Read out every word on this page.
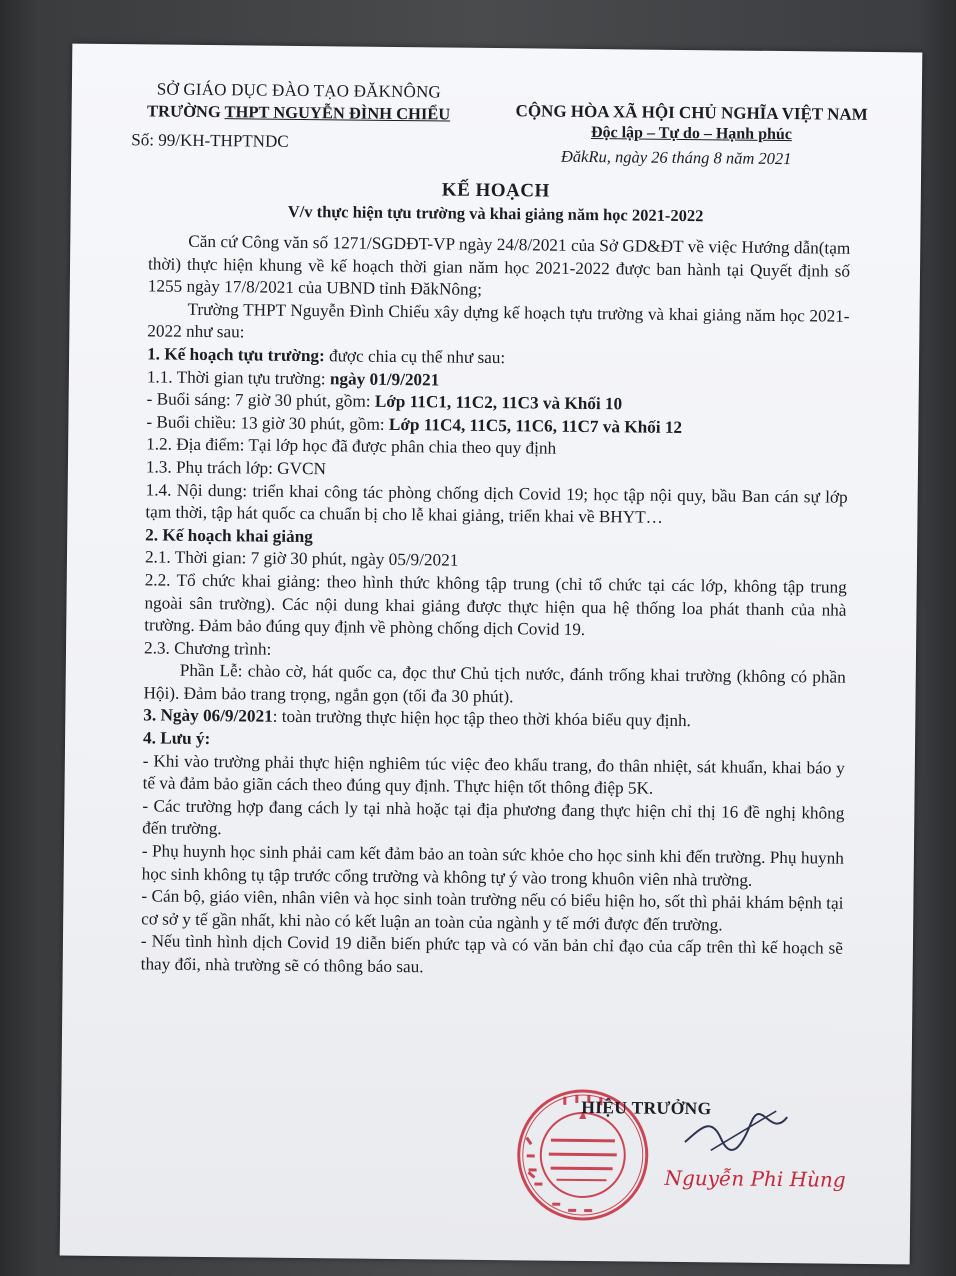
SỞ GIÁO DỤC ĐÀO TẠO ĐĂKNÔNG
TRƯỜNG THPT NGUYỄN ĐÌNH CHIỂU
Số: 99/KH-THPTNDC
CỘNG HÒA XÃ HỘI CHỦ NGHĨA VIỆT NAM
Độc lập – Tự do – Hạnh phúc
ĐăkRu, ngày 26 tháng 8 năm 2021
KẾ HOẠCH
V/v thực hiện tựu trường và khai giảng năm học 2021-2022

Căn cứ Công văn số 1271/SGDĐT-VP ngày 24/8/2021 của Sở GD&ĐT về việc Hướng dẫn(tạm thời) thực hiện khung về kế hoạch thời gian năm học 2021-2022 được ban hành tại Quyết định số 1255 ngày 17/8/2021 của UBND tỉnh ĐăkNông;

Trường THPT Nguyễn Đình Chiểu xây dựng kế hoạch tựu trường và khai giảng năm học 2021-2022 như sau:

1. Kế hoạch tựu trường: được chia cụ thể như sau:

1.1. Thời gian tựu trường: ngày 01/9/2021

- Buổi sáng: 7 giờ 30 phút, gồm: Lớp 11C1, 11C2, 11C3 và Khối 10

- Buổi chiều: 13 giờ 30 phút, gồm: Lớp 11C4, 11C5, 11C6, 11C7 và Khối 12

1.2. Địa điểm: Tại lớp học đã được phân chia theo quy định

1.3. Phụ trách lớp: GVCN

1.4. Nội dung: triển khai công tác phòng chống dịch Covid 19; học tập nội quy, bầu Ban cán sự lớp tạm thời, tập hát quốc ca chuẩn bị cho lễ khai giảng, triển khai về BHYT…

2. Kế hoạch khai giảng

2.1. Thời gian: 7 giờ 30 phút, ngày 05/9/2021

2.2. Tổ chức khai giảng: theo hình thức không tập trung (chỉ tổ chức tại các lớp, không tập trung ngoài sân trường). Các nội dung khai giảng được thực hiện qua hệ thống loa phát thanh của nhà trường. Đảm bảo đúng quy định về phòng chống dịch Covid 19.

2.3. Chương trình:

Phần Lễ: chào cờ, hát quốc ca, đọc thư Chủ tịch nước, đánh trống khai trường (không có phần Hội). Đảm bảo trang trọng, ngắn gọn (tối đa 30 phút).

3. Ngày 06/9/2021: toàn trường thực hiện học tập theo thời khóa biểu quy định.

4. Lưu ý:

- Khi vào trường phải thực hiện nghiêm túc việc đeo khẩu trang, đo thân nhiệt, sát khuẩn, khai báo y tế và đảm bảo giãn cách theo đúng quy định. Thực hiện tốt thông điệp 5K.

- Các trường hợp đang cách ly tại nhà hoặc tại địa phương đang thực hiện chỉ thị 16 đề nghị không đến trường.

- Phụ huynh học sinh phải cam kết đảm bảo an toàn sức khỏe cho học sinh khi đến trường. Phụ huynh học sinh không tụ tập trước cổng trường và không tự ý vào trong khuôn viên nhà trường.

- Cán bộ, giáo viên, nhân viên và học sinh toàn trường nếu có biểu hiện ho, sốt thì phải khám bệnh tại cơ sở y tế gần nhất, khi nào có kết luận an toàn của ngành y tế mới được đến trường.

- Nếu tình hình dịch Covid 19 diễn biến phức tạp và có văn bản chỉ đạo của cấp trên thì kế hoạch sẽ thay đổi, nhà trường sẽ có thông báo sau.

HIỆU TRƯỞNG
Nguyễn Phi Hùng
